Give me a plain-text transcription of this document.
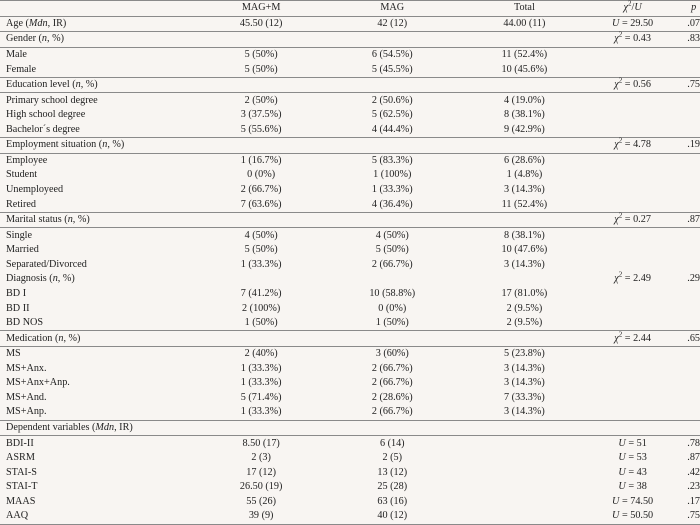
	MAG+M	MAG	Total	$\chi^2/U$	p
Age (Mdn, IR)	45.50 (12)	42 (12)	44.00 (11)	U = 29.50	.07
Gender (n, %)				$\chi^2 = 0.43$	.83
Male	5 (50%)	6 (54.5%)	11 (52.4%)		
Female	5 (50%)	5 (45.5%)	10 (45.6%)		
Education level (n, %)				$\chi^2 = 0.56$	.75
Primary school degree	2 (50%)	2 (50.6%)	4 (19.0%)		
High school degree	3 (37.5%)	5 (62.5%)	8 (38.1%)		
Bachelor´s degree	5 (55.6%)	4 (44.4%)	9 (42.9%)		
Employment situation (n, %)				$\chi^2 = 4.78$	.19
Employee	1 (16.7%)	5 (83.3%)	6 (28.6%)		
Student	0 (0%)	1 (100%)	1 (4.8%)		
Unemployeed	2 (66.7%)	1 (33.3%)	3 (14.3%)		
Retired	7 (63.6%)	4 (36.4%)	11 (52.4%)		
Marital status (n, %)				$\chi^2 = 0.27$	.87
Single	4 (50%)	4 (50%)	8 (38.1%)		
Married	5 (50%)	5 (50%)	10 (47.6%)		
Separated/Divorced	1 (33.3%)	2 (66.7%)	3 (14.3%)		
Diagnosis (n, %)				$\chi^2 = 2.49$	.29
BD I	7 (41.2%)	10 (58.8%)	17 (81.0%)		
BD II	2 (100%)	0 (0%)	2 (9.5%)		
BD NOS	1 (50%)	1 (50%)	2 (9.5%)		
Medication (n, %)				$\chi^2 = 2.44$	.65
MS	2 (40%)	3 (60%)	5 (23.8%)		
MS+Anx.	1 (33.3%)	2 (66.7%)	3 (14.3%)		
MS+Anx+Anp.	1 (33.3%)	2 (66.7%)	3 (14.3%)		
MS+And.	5 (71.4%)	2 (28.6%)	7 (33.3%)		
MS+Anp.	1 (33.3%)	2 (66.7%)	3 (14.3%)		
Dependent variables (Mdn, IR)					
BDI-II	8.50 (17)	6 (14)		U = 51	.78
ASRM	2 (3)	2 (5)		U = 53	.87
STAI-S	17 (12)	13 (12)		U = 43	.42
STAI-T	26.50 (19)	25 (28)		U = 38	.23
MAAS	55 (26)	63 (16)		U = 74.50	.17
AAQ	39 (9)	40 (12)		U = 50.50	.75
